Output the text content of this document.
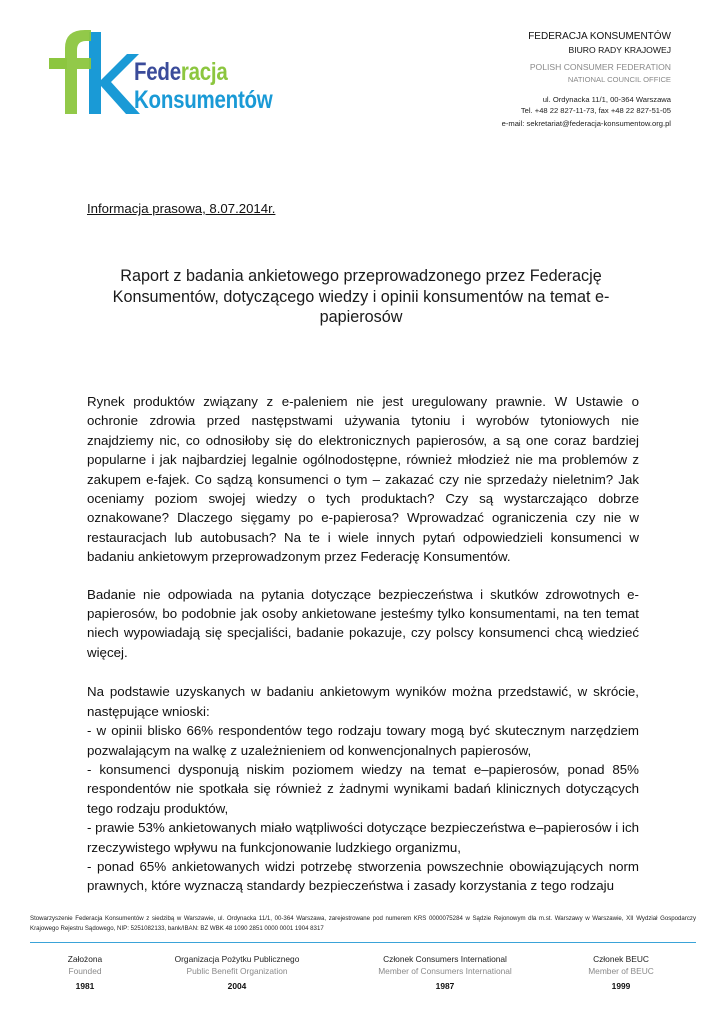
Federacja
Konsumentów
FEDERACJA KONSUMENTÓW
BIURO RADY KRAJOWEJ
POLISH CONSUMER FEDERATION
NATIONAL COUNCIL OFFICE
ul. Ordynacka 11/1, 00-364 Warszawa
Tel. +48 22 827-11-73, fax +48 22 827-51-05
e-mail: sekretariat@federacja-konsumentow.org.pl
Informacja prasowa, 8.07.2014r.
Raport z badania ankietowego przeprowadzonego przez Federację
Konsumentów, dotyczącego wiedzy i opinii konsumentów na temat e-
papierosów

Rynek produktów związany z e-paleniem nie jest uregulowany prawnie. W Ustawie o ochronie zdrowia przed następstwami używania tytoniu i wyrobów tytoniowych nie znajdziemy nic, co odnosiłoby się do elektronicznych papierosów, a są one coraz bardziej popularne i jak najbardziej legalnie ogólnodostępne, również młodzież nie ma problemów z zakupem e-fajek. Co sądzą konsumenci o tym – zakazać czy nie sprzedaży nieletnim? Jak oceniamy poziom swojej wiedzy o tych produktach? Czy są wystarczająco dobrze oznakowane? Dlaczego sięgamy po e-papierosa? Wprowadzać ograniczenia czy nie w restauracjach lub autobusach? Na te i wiele innych pytań odpowiedzieli konsumenci w badaniu ankietowym przeprowadzonym przez Federację Konsumentów.

Badanie nie odpowiada na pytania dotyczące bezpieczeństwa i skutków zdrowotnych e-papierosów, bo podobnie jak osoby ankietowane jesteśmy tylko konsumentami, na ten temat niech wypowiadają się specjaliści, badanie pokazuje, czy polscy konsumenci chcą wiedzieć więcej.

Na podstawie uzyskanych w badaniu ankietowym wyników można przedstawić, w skrócie, następujące wnioski:

- w opinii blisko 66% respondentów tego rodzaju towary mogą być skutecznym narzędziem pozwalającym na walkę z uzależnieniem od konwencjonalnych papierosów,

- konsumenci dysponują niskim poziomem wiedzy na temat e–papierosów, ponad 85% respondentów nie spotkała się również z żadnymi wynikami badań klinicznych dotyczących tego rodzaju produktów,

- prawie 53% ankietowanych miało wątpliwości dotyczące bezpieczeństwa e–papierosów i ich rzeczywistego wpływu na funkcjonowanie ludzkiego organizmu,

- ponad 65% ankietowanych widzi potrzebę stworzenia powszechnie obowiązujących norm prawnych, które wyznaczą standardy bezpieczeństwa i zasady korzystania z tego rodzaju

Stowarzyszenie Federacja Konsumentów z siedzibą w Warszawie, ul. Ordynacka 11/1, 00-364 Warszawa, zarejestrowane pod numerem KRS 0000075284 w Sądzie Rejonowym dla m.st. Warszawy w Warszawie, XII Wydział Gospodarczy Krajowego Rejestru Sądowego, NIP: 5251082133, bank/IBAN: BZ WBK 48 1090 2851 0000 0001 1904 8317
Założona
Founded
1981
Organizacja Pożytku Publicznego
Public Benefit Organization
2004
Członek Consumers International
Member of Consumers International
1987
Członek BEUC
Member of BEUC
1999
